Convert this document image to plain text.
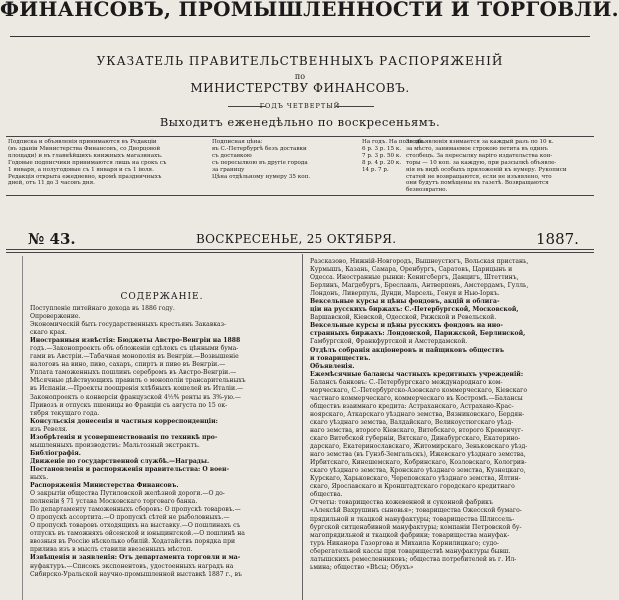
ФИНАНСОВЪ, ПРОМЫШЛЕННОСТИ И ТОРГОВЛИ.
УКАЗАТЕЛЬ ПРАВИТЕЛЬСТВЕННЫХЪ РАСПОРЯЖЕНІЙ
по
МИНИСТЕРСТВУ ФИНАНСОВЪ.
ГОДЪ ЧЕТВЕРТЫЙ
Выходитъ еженедѣльно по воскресеньямъ.
Подписка и объявленія принимаются въ Редакціи
(въ зданіи Министерства Финансовъ, со Дворцовой
площади) и въ главнѣйшихъ книжныхъ магазинахъ.
Годовые подписчики принимаются лишь на срокъ съ
1 января, а полугодовые съ 1 января и съ 1 іюля.
Редакція открыта ежедневно, кромѣ праздничныхъ
дней, отъ 11 до 3 часовъ дня.
Подписная цѣна:
въ С.-Петербургѣ безъ доставки
съ доставкою
съ пересылкою въ другіе города
за границу
Цѣна отдѣльному нумеру 35 коп.
На годъ. На полгода.
6 р. 3 р. 15 к.
7 р. 3 р. 50 к.
8 р. 4 р. 20 к.
14 р. 7 р.
За объявленія взимается за каждый разъ по 10 к.
за мѣсто, занимаемое строкою петита въ одинъ
столбецъ. За пересылку варіго издательства кон-
торы — 10 коп. за каждую, при разсылкѣ объявле-
нія въ видѣ особыхъ приложеній къ нумеру. Рукописи
статей не возвращаются, если не изъявлено, что
они будутъ помѣщены въ газетѣ. Возвращаются
безвозвратно.
№ 43.	ВОСКРЕСЕНЬЕ, 25 ОКТЯБРЯ.	1887.
СОДЕРЖАНІЕ.
Поступленіе питейнаго дохода въ 1886 году.
Опровержение.
Экономическій быть государственныхъ крестьянъ Закавказ-
скаго края.
Иностранныя извѣстія: Бюджеты Австро-Венгріи на 1888
годъ.—Законопроекть объ обложеніи сдѣлокъ съ цѣнными бума-
гами въ Австріи.—Табачная монополія въ Венгріи.—Возвышеніе
налоговъ на вино, пиво, сахаръ, спиртъ и пиво въ Венгріи.—
Уплата таможенныхъ пошлинъ серебромъ въ Австро-Венгріи.—
Мѣсячные дѣйствующихъ правилъ о монополіи трансарительныхъ
въ Испаніи.—Проекты поощренія хлѣбныхъ кошелей въ Италіи.—
Законопроекть о конверсіи французской 4½% ренты въ 3%-ую.—
Привозъ и отпускъ пшеницы во Франціи съ августа по 15 ок-
тября текущаго года.
Консульскія донесенія и частныя корреспонденціи:
изъ Ревеля.
Изобрѣтенія и усовершенствованія по техникѣ про-
мышленныхъ производствъ: Мальтозный экстрактъ.
Библіографія.
Движеніе по государственной службѣ.—Награды.
Постановленія и распоряженія правительства: О воен-
ныхъ.
Распоряженія Министерства Финансовъ.
О закрытіи общества Путиловской желѣзной дороги.—О до-
полненіи § 71 устава Московскаго торговаго банка.
По департаменту таможенныхъ сборовъ: О пропускѣ товаровъ.—
О пропускѣ ассортита.—О пропускѣ сѣтей не рыболовныхъ.—
О пропускѣ товаровъ отходящихъ на выставку.—О пошлинахъ съ
отпускъ въ таможняхъ ойсенской и юныцингской.—О пошлинѣ на
ввозныя въ Россію нѣсколько обилій. Ходатайствъ порядка при
прилива изъ в мыслъ ставили ввезенныхъ мѣстоп.
Извѣщенія и заявленія: Отъ департамента торговли и ма-
нуфактуръ.—Списокъ экспонентовъ, удостоенныхъ наградъ на
Сибирско-Уральской научно-промышленной выставкѣ 1887 г., въ
Разсказово, Нижній-Новгородъ, Вышнеустюгъ, Вольская пристань,
Курмышъ, Казань, Самара, Оренбургъ, Саратовъ, Царицынъ и
Одесса. Иностранные рынки: Кенигсбергъ, Данцигъ, Штеттинъ,
Берлинъ, Магдебургъ, Бреславль, Антверпенъ, Амстердамъ, Гулль,
Лондонъ, Ливерпуль, Дунди, Марсель, Генуя и Нью-Іоркъ.
Вексельные курсы и цѣны фондовъ, акцій и облига-
ціи на русскихъ биржахъ: С.-Петербургской, Московской,
Варшавской, Кіевской, Одесской, Рижской и Ревельской.
Вексельные курсы и цѣны русскихъ фондовъ на ино-
странныхъ биржахъ: Лондонской, Парижской, Берлинской,
Гамбургской, Франкфуртской и Амстердамской.
Отдѣлъ собранія акціонеровъ и пайщиковъ обществъ
и товариществъ.
Объявленія.
Ежемѣсячные балансы частныхъ кредитныхъ учрежденій:
Балансъ банковъ: С.-Петербургскаго международнаго ком-
мерческаго, С.-Петербургско-Азовскаго коммерческаго, Кіевскаго
частнаго коммерческаго, коммерческаго въ Костромѣ.—Балансы
обществъ взаимнаго кредита: Астраханскаго, Астрахано-Крас-
ноярскаго, Аткарскаго уѣзднаго земства, Вязниковскаго, Бердян-
скаго уѣзднаго земства, Валдайскаго, Великоустюгскаго уѣзд-
наго земства, второго Кіевскаго, Витебскаго, второго Кременчуг-
скаго Витебской губерніи, Вятскаго, Динабургскаго, Екатерино-
дарскаго, Екатеринославскаго, Житомирскаго, Зеньковскаго уѣзд-
наго земства (въ Гунзб-Земгальскъ), Ижевскаго уѣзднаго земства,
Ирбитскаго, Кинешемскаго, Кобринскаго, Козловскаго, Кологрив-
скаго уѣзднаго земства, Кронскаго уѣзднаго земства, Кузнецкаго,
Курскаго, Харьковскаго, Череповскаго уѣзднаго земства, Ялтин-
скаго, Ярославскаго и Кронштадтскаго городскаго кредитнаго
общества.
Отчеты: товарищества кожевенной и суконной фабрикъ
«Алексѣй Вахрушинъ сыновья»; товарищества Ожесской бумаго-
прядильной и ткацкой мануфактуры; товарищества Шлиссель-
бургской ситценабивной мануфактуры; компаніи Петровской бу-
магопрядильной и ткацкой фабрики; товарищества мануфак-
туръ Никанора Газоргова и Михаила Корнилицкаго; судо-
сберегательной кассы при товариществѣ мануфактуры бывш.
латышскихъ ремесленниковъ; общества потребителей въ г. Ил-
ьмина; общество «Вѣсы; Обухъ»
